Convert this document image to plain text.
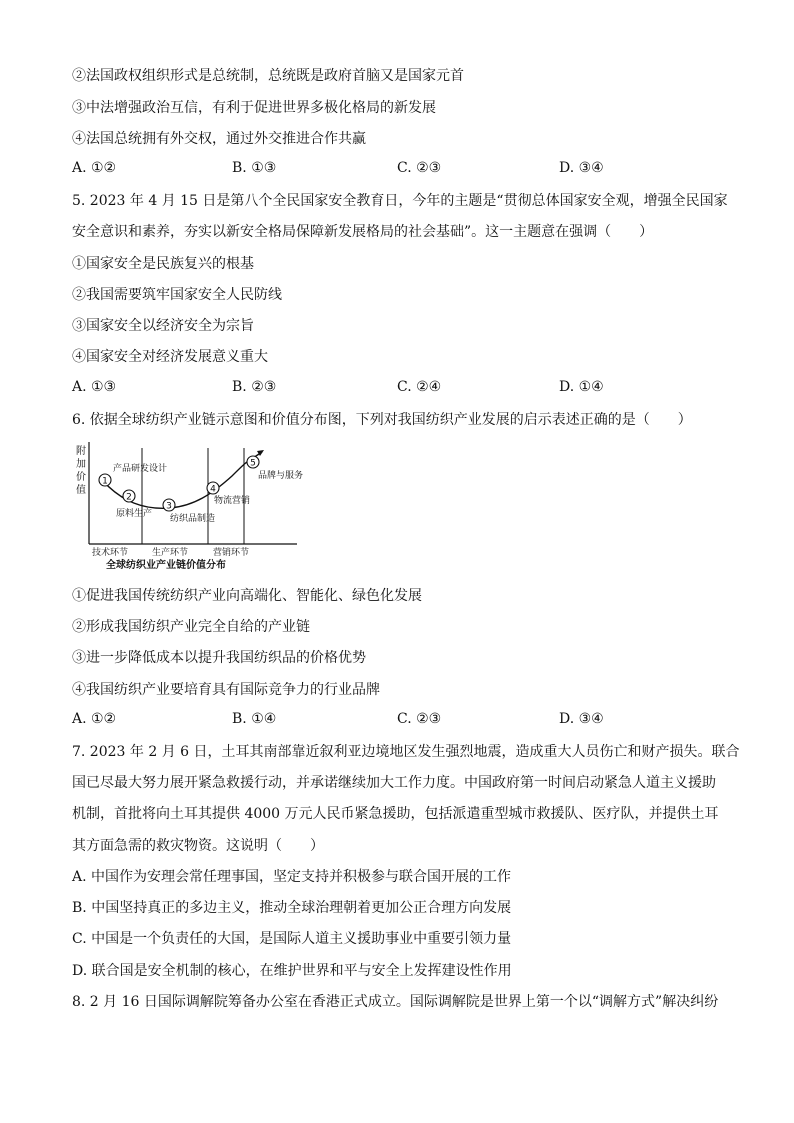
②法国政权组织形式是总统制，总统既是政府首脑又是国家元首
③中法增强政治互信，有利于促进世界多极化格局的新发展
④法国总统拥有外交权，通过外交推进合作共赢
A. ①②	B. ①③	C. ②③	D. ③④
5. 2023 年 4 月 15 日是第八个全民国家安全教育日，今年的主题是“贯彻总体国家安全观，增强全民国家
安全意识和素养，夯实以新安全格局保障新发展格局的社会基础”。这一主题意在强调（　　）
①国家安全是民族复兴的根基
②我国需要筑牢国家安全人民防线
③国家安全以经济安全为宗旨
④国家安全对经济发展意义重大
A. ①③	B. ②③	C. ②④	D. ①④
6. 依据全球纺织产业链示意图和价值分布图，下列对我国纺织产业发展的启示表述正确的是（　　）
附
加
价
值
1
产品研发设计
2
原料生产
3
纺织品制造
4
物流营销
5
品牌与服务
技术环节	生产环节	营销环节
全球纺织业产业链价值分布
①促进我国传统纺织产业向高端化、智能化、绿色化发展
②形成我国纺织产业完全自给的产业链
③进一步降低成本以提升我国纺织品的价格优势
④我国纺织产业要培育具有国际竞争力的行业品牌
A. ①②	B. ①④	C. ②③	D. ③④
7. 2023 年 2 月 6 日，土耳其南部靠近叙利亚边境地区发生强烈地震，造成重大人员伤亡和财产损失。联合
国已尽最大努力展开紧急救援行动，并承诺继续加大工作力度。中国政府第一时间启动紧急人道主义援助
机制，首批将向土耳其提供 4000 万元人民币紧急援助，包括派遣重型城市救援队、医疗队，并提供土耳
其方面急需的救灾物资。这说明（　　）
A. 中国作为安理会常任理事国，坚定支持并积极参与联合国开展的工作
B. 中国坚持真正的多边主义，推动全球治理朝着更加公正合理方向发展
C. 中国是一个负责任的大国，是国际人道主义援助事业中重要引领力量
D. 联合国是安全机制的核心，在维护世界和平与安全上发挥建设性作用
8. 2 月 16 日国际调解院筹备办公室在香港正式成立。国际调解院是世界上第一个以“调解方式”解决纠纷
